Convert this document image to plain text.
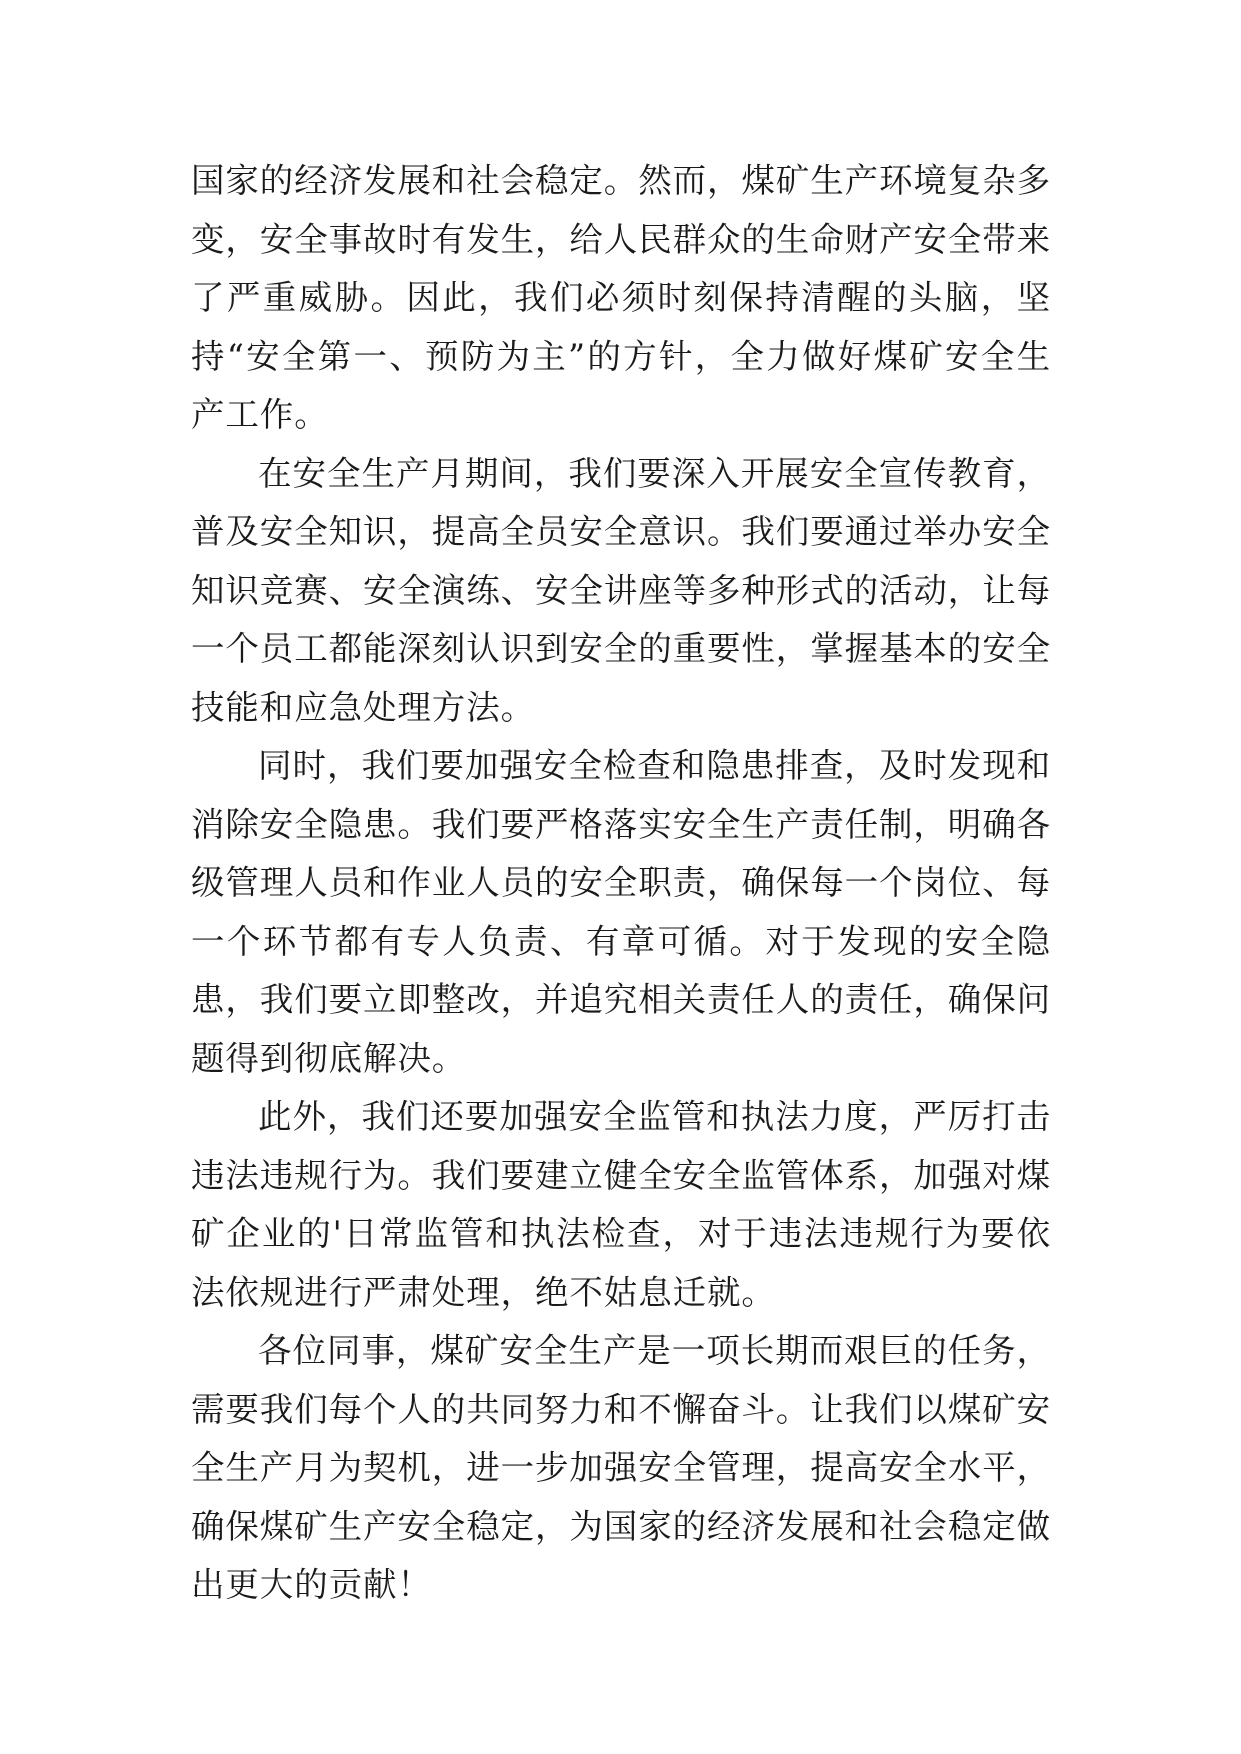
国家的经济发展和社会稳定。然而，煤矿生产环境复杂多变，安全事故时有发生，给人民群众的生命财产安全带来了严重威胁。因此，我们必须时刻保持清醒的头脑，坚持“安全第一、预防为主”的方针，全力做好煤矿安全生产工作。

在安全生产月期间，我们要深入开展安全宣传教育，普及安全知识，提高全员安全意识。我们要通过举办安全知识竞赛、安全演练、安全讲座等多种形式的活动，让每一个员工都能深刻认识到安全的重要性，掌握基本的安全技能和应急处理方法。

同时，我们要加强安全检查和隐患排查，及时发现和消除安全隐患。我们要严格落实安全生产责任制，明确各级管理人员和作业人员的安全职责，确保每一个岗位、每一个环节都有专人负责、有章可循。对于发现的安全隐患，我们要立即整改，并追究相关责任人的责任，确保问题得到彻底解决。

此外，我们还要加强安全监管和执法力度，严厉打击违法违规行为。我们要建立健全安全监管体系，加强对煤矿企业的'日常监管和执法检查，对于违法违规行为要依法依规进行严肃处理，绝不姑息迁就。

各位同事，煤矿安全生产是一项长期而艰巨的任务，需要我们每个人的共同努力和不懈奋斗。让我们以煤矿安全生产月为契机，进一步加强安全管理，提高安全水平，确保煤矿生产安全稳定，为国家的经济发展和社会稳定做出更大的贡献！
